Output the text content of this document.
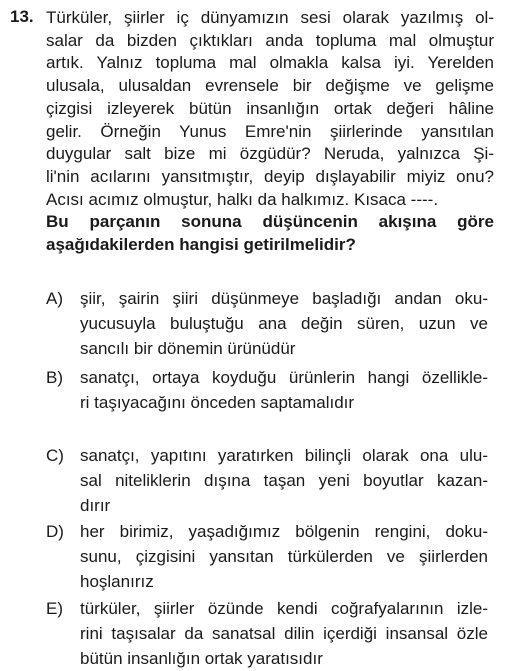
13. Türküler, şiirler iç dünyamızın sesi olarak yazılmış ol-
salar da bizden çıktıkları anda topluma mal olmuştur
artık. Yalnız topluma mal olmakla kalsa iyi. Yerelden
ulusala, ulusaldan evrensele bir değişme ve gelişme
çizgisi izleyerek bütün insanlığın ortak değeri hâline
gelir. Örneğin Yunus Emre'nin şiirlerinde yansıtılan
duygular salt bize mi özgüdür? Neruda, yalnızca Şi-
li'nin acılarını yansıtmıştır, deyip dışlayabilir miyiz onu?
Acısı acımız olmuştur, halkı da halkımız. Kısaca ----.
Bu parçanın sonuna düşüncenin akışına göre
aşağıdakilerden hangisi getirilmelidir?
A) şiir, şairin şiiri düşünmeye başladığı andan oku-
yucusuyla buluştuğu ana değin süren, uzun ve
sancılı bir dönemin ürünüdür
B) sanatçı, ortaya koyduğu ürünlerin hangi özellikle-
ri taşıyacağını önceden saptamalıdır
C) sanatçı, yapıtını yaratırken bilinçli olarak ona ulu-
sal niteliklerin dışına taşan yeni boyutlar kazan-
dırır
D) her birimiz, yaşadığımız bölgenin rengini, doku-
sunu, çizgisini yansıtan türkülerden ve şiirlerden
hoşlanırız
E) türküler, şiirler özünde kendi coğrafyalarının izle-
rini taşısalar da sanatsal dilin içerdiği insansal özle
bütün insanlığın ortak yaratısıdır
